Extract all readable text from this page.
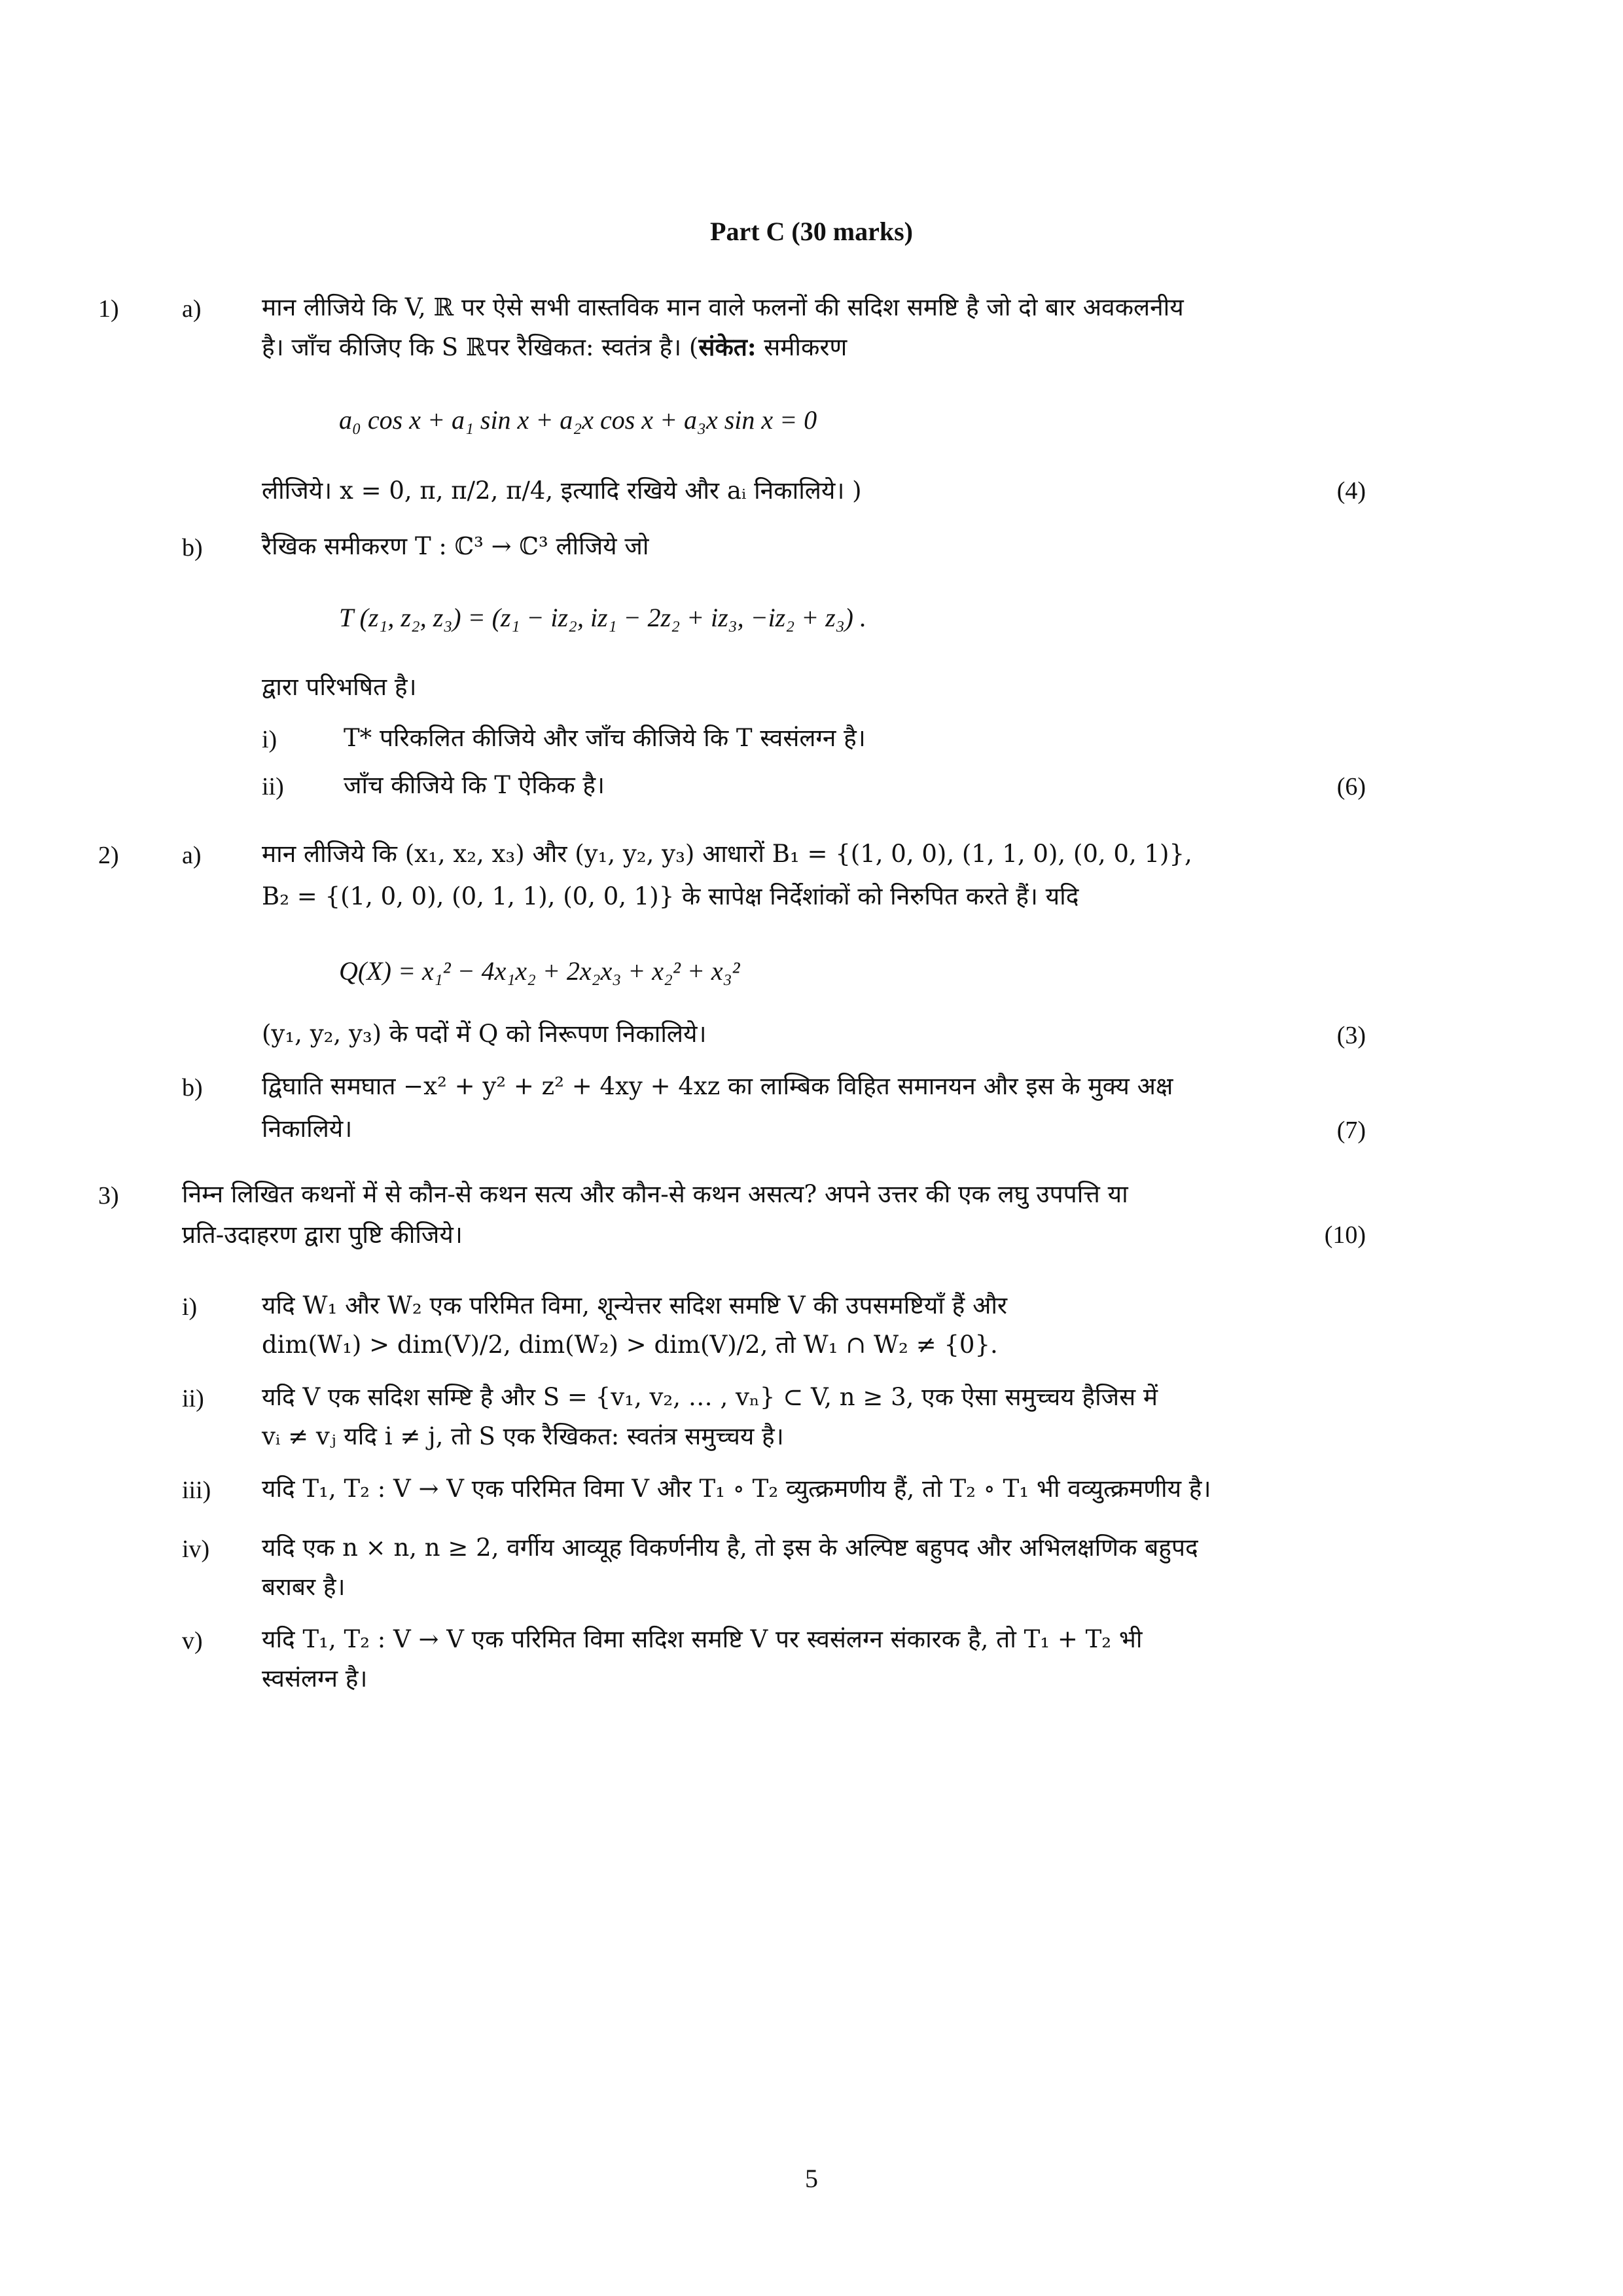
Part C (30 marks)
1)	a) मान लीजिये कि V, ℝ पर ऐसे सभी वास्तविक मान वाले फलनों की सदिश समष्टि है जो दो बार अवकलनीय
है। जाँच कीजिए कि S ℝपर रैखिकत: स्वतंत्र है। (संकेत: समीकरण
a₀ cos x + a₁ sin x + a₂x cos x + a₃x sin x = 0
लीजिये। x = 0, π, π/2, π/4, इत्यादि रखिये और aᵢ निकालिये। )	(4)
b) रैखिक समीकरण T : ℂ³ → ℂ³ लीजिये जो
T (z₁, z₂, z₃) = (z₁ − iz₂, iz₁ − 2z₂ + iz₃, −iz₂ + z₃) .
द्वारा परिभषित है।
i)	T* परिकलित कीजिये और जाँच कीजिये कि T स्वसंलग्न है।
ii) जाँच कीजिये कि T ऐकिक है।	(6)
2)	a) मान लीजिये कि (x₁, x₂, x₃) और (y₁, y₂, y₃) आधारों B₁ = {(1, 0, 0), (1, 1, 0), (0, 0, 1)},
B₂ = {(1, 0, 0), (0, 1, 1), (0, 0, 1)} के सापेक्ष निर्देशांकों को निरुपित करते हैं। यदि
Q(X) = x₁² − 4x₁x₂ + 2x₂x₃ + x₂² + x₃²
(y₁, y₂, y₃) के पदों में Q को निरूपण निकालिये।	(3)
b) द्विघाति समघात −x² + y² + z² + 4xy + 4xz का लाम्बिक विहित समानयन और इस के मुक्य अक्ष
निकालिये।	(7)
3)	निम्न लिखित कथनों में से कौन-से कथन सत्य और कौन-से कथन असत्य? अपने उत्तर की एक लघु उपपत्ति या
प्रति-उदाहरण द्वारा पुष्टि कीजिये।	(10)
i)	यदि W₁ और W₂ एक परिमित विमा, शून्येत्तर सदिश समष्टि V की उपसमष्टियाँ हैं और
dim(W₁) > dim(V)/2, dim(W₂) > dim(V)/2, तो W₁ ∩ W₂ ≠ {0}.
ii) यदि V एक सदिश सम्ष्टि है और S = {v₁, v₂, … , vₙ} ⊂ V, n ≥ 3, एक ऐसा समुच्चय हैजिस में
vᵢ ≠ vⱼ यदि i ≠ j, तो S एक रैखिकत: स्वतंत्र समुच्चय है।
iii) यदि T₁, T₂ : V → V एक परिमित विमा V और T₁ ∘ T₂ व्युत्क्रमणीय हैं, तो T₂ ∘ T₁ भी वव्युत्क्रमणीय है।
iv) यदि एक n × n, n ≥ 2, वर्गीय आव्यूह विकर्णनीय है, तो इस के अल्पिष्ट बहुपद और अभिलक्षणिक बहुपद
बराबर है।
v) यदि T₁, T₂ : V → V एक परिमित विमा सदिश समष्टि V पर स्वसंलग्न संकारक है, तो T₁ + T₂ भी
स्वसंलग्न है।
5
